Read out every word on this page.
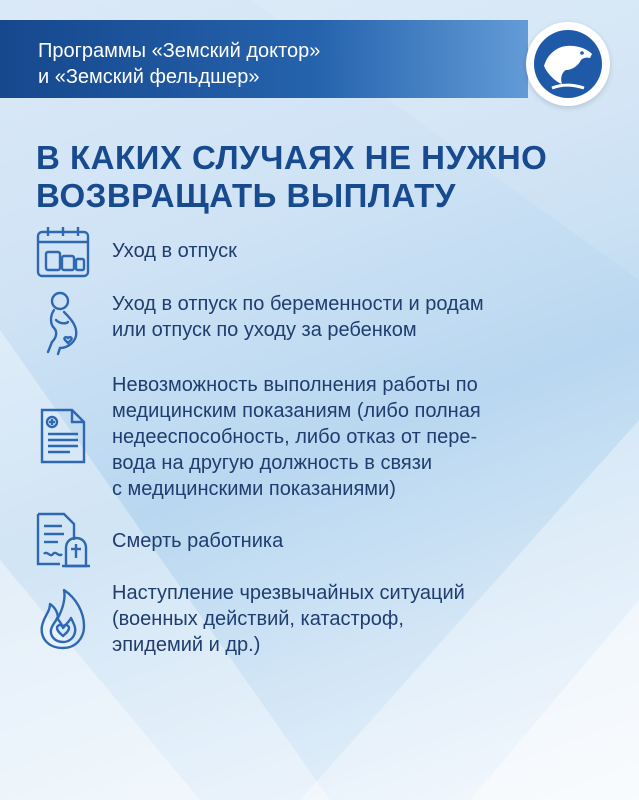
Программы «Земский доктор»
и «Земский фельдшер»
В КАКИХ СЛУЧАЯХ НЕ НУЖНО
ВОЗВРАЩАТЬ ВЫПЛАТУ
Уход в отпуск
Уход в отпуск по беременности и родам
или отпуск по уходу за ребенком
Невозможность выполнения работы по
медицинским показаниям (либо полная
недееспособность, либо отказ от пере-
вода на другую должность в связи
с медицинскими показаниями)
Смерть работника
Наступление чрезвычайных ситуаций
(военных действий, катастроф,
эпидемий и др.)
